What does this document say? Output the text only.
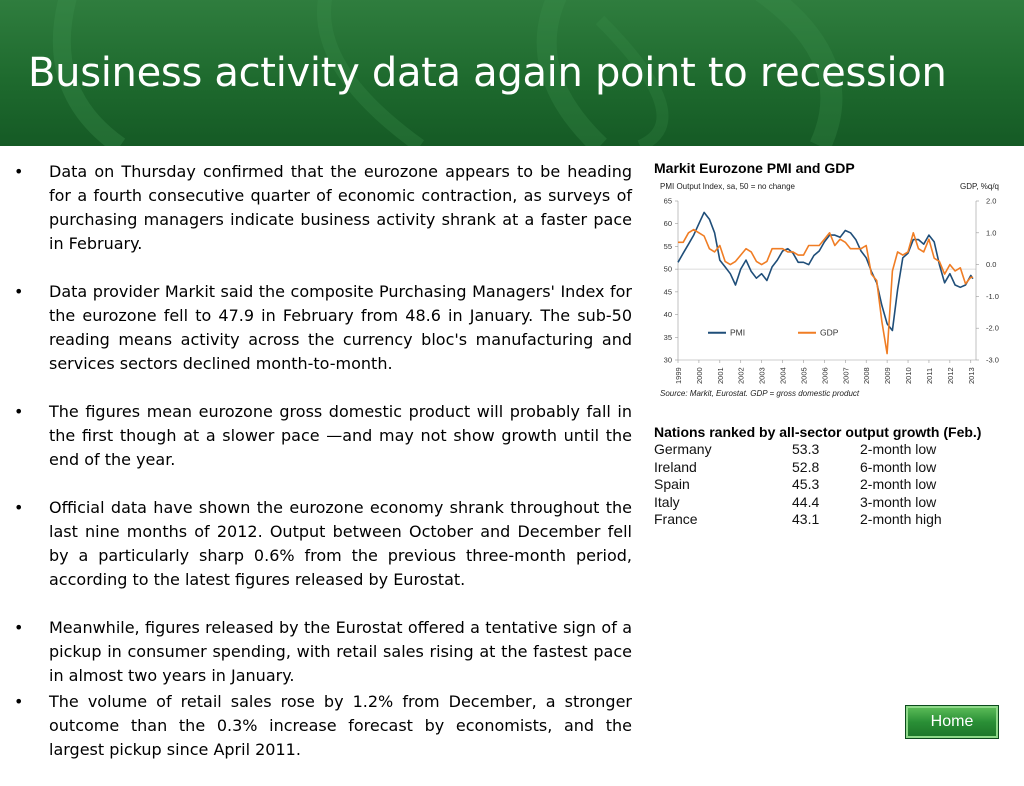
Business activity data again point to recession
• Data on Thursday confirmed that the eurozone appears to be heading for a fourth consecutive quarter of economic contraction, as surveys of purchasing managers indicate business activity shrank at a faster pace in February.
• Data provider Markit said the composite Purchasing Managers' Index for the eurozone fell to 47.9 in February from 48.6 in January. The sub-50 reading means activity across the currency bloc's manufacturing and services sectors declined month-to-month.
• The figures mean eurozone gross domestic product will probably fall in the first though at a slower pace —and may not show growth until the end of the year.
• Official data have shown the eurozone economy shrank throughout the last nine months of 2012. Output between October and December fell by a particularly sharp 0.6% from the previous three-month period, according to the latest figures released by Eurostat.
• Meanwhile, figures released by the Eurostat offered a tentative sign of a pickup in consumer spending, with retail sales rising at the fastest pace in almost two years in January.
• The volume of retail sales rose by 1.2% from December, a stronger outcome than the 0.3% increase forecast by economists, and the largest pickup since April 2011.
Markit Eurozone PMI and GDP
PMI Output Index, sa, 50 = no change	GDP, %q/q
65
60
55
50
45
40
35
30
2.0
1.0
0.0
-1.0
-2.0
-3.0
1999 2000 2001 2002 2003 2004 2005 2006 2007 2008 2009 2010 2011 2012 2013
PMI	GDP
Source: Markit, Eurostat. GDP = gross domestic product
Nations ranked by all-sector output growth (Feb.)
Germany	53.3	2-month low
Ireland	52.8	6-month low
Spain	45.3	2-month low
Italy	44.4	3-month low
France	43.1	2-month high
Home
